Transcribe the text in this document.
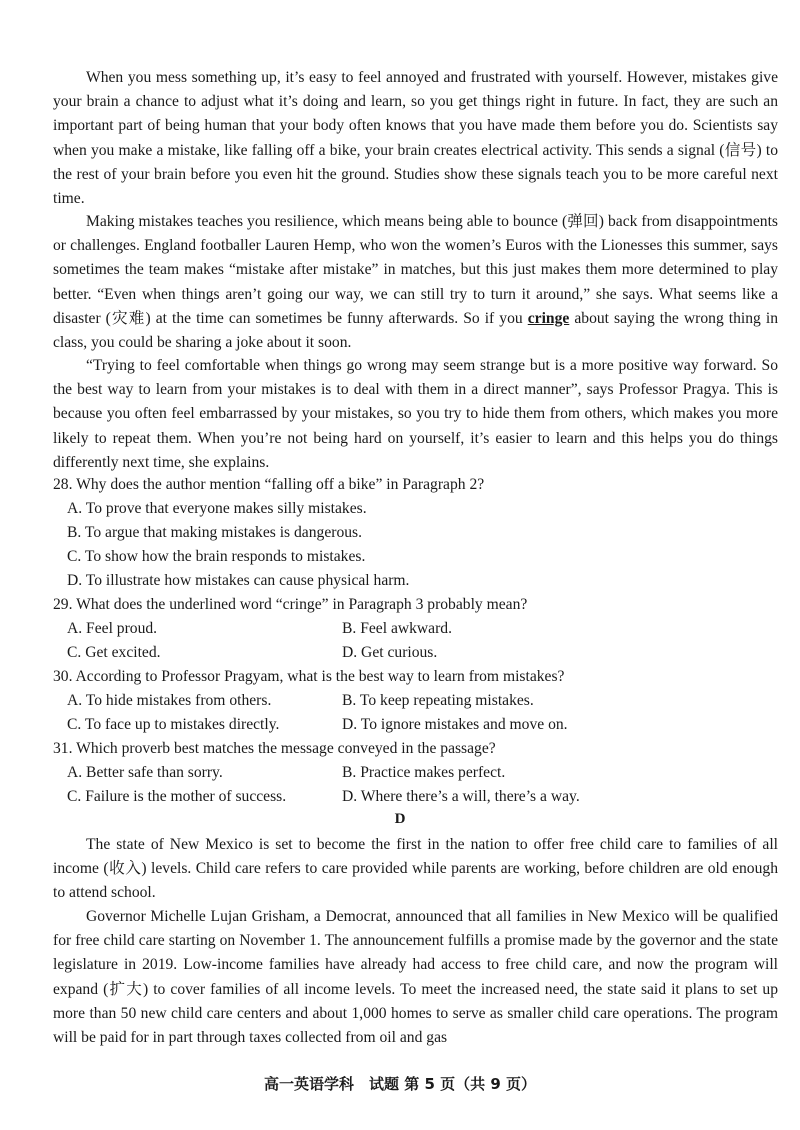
When you mess something up, it’s easy to feel annoyed and frustrated with yourself. However, mistakes give your brain a chance to adjust what it’s doing and learn, so you get things right in future. In fact, they are such an important part of being human that your body often knows that you have made them before you do. Scientists say when you make a mistake, like falling off a bike, your brain creates electrical activity. This sends a signal (信号) to the rest of your brain before you even hit the ground. Studies show these signals teach you to be more careful next time.

Making mistakes teaches you resilience, which means being able to bounce (弹回) back from disappointments or challenges. England footballer Lauren Hemp, who won the women’s Euros with the Lionesses this summer, says sometimes the team makes “mistake after mistake” in matches, but this just makes them more determined to play better. “Even when things aren’t going our way, we can still try to turn it around,” she says. What seems like a disaster (灾难) at the time can sometimes be funny afterwards. So if you cringe about saying the wrong thing in class, you could be sharing a joke about it soon.

“Trying to feel comfortable when things go wrong may seem strange but is a more positive way forward. So the best way to learn from your mistakes is to deal with them in a direct manner”, says Professor Pragya. This is because you often feel embarrassed by your mistakes, so you try to hide them from others, which makes you more likely to repeat them. When you’re not being hard on yourself, it’s easier to learn and this helps you do things differently next time, she explains.

28. Why does the author mention “falling off a bike” in Paragraph 2?

A. To prove that everyone makes silly mistakes.

B. To argue that making mistakes is dangerous.

C. To show how the brain responds to mistakes.

D. To illustrate how mistakes can cause physical harm.

29. What does the underlined word “cringe” in Paragraph 3 probably mean?

A. Feel proud.	B. Feel awkward.

C. Get excited.	D. Get curious.

30. According to Professor Pragyam, what is the best way to learn from mistakes?

A. To hide mistakes from others.	B. To keep repeating mistakes.

C. To face up to mistakes directly.	D. To ignore mistakes and move on.

31. Which proverb best matches the message conveyed in the passage?

A. Better safe than sorry.	B. Practice makes perfect.

C. Failure is the mother of success.	D. Where there’s a will, there’s a way.

D

The state of New Mexico is set to become the first in the nation to offer free child care to families of all income (收入) levels. Child care refers to care provided while parents are working, before children are old enough to attend school.

Governor Michelle Lujan Grisham, a Democrat, announced that all families in New Mexico will be qualified for free child care starting on November 1. The announcement fulfills a promise made by the governor and the state legislature in 2019. Low-income families have already had access to free child care, and now the program will expand (扩大) to cover families of all income levels. To meet the increased need, the state said it plans to set up more than 50 new child care centers and about 1,000 homes to serve as smaller child care operations. The program will be paid for in part through taxes collected from oil and gas

高一英语学科　试题 第 5 页（共 9 页）
